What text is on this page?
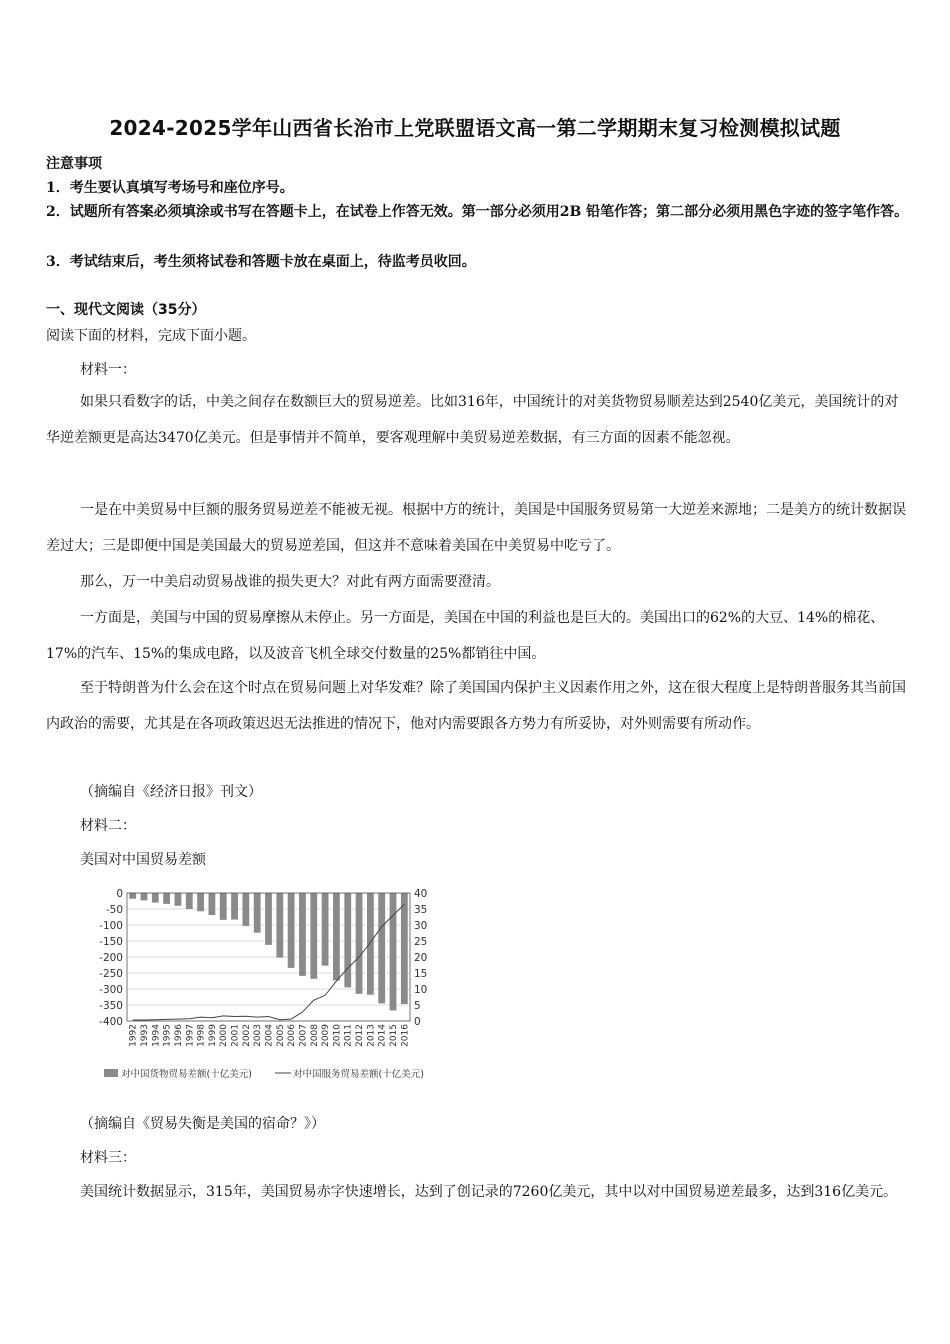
2024-2025学年山西省长治市上党联盟语文高一第二学期期末复习检测模拟试题
注意事项
1．考生要认真填写考场号和座位序号。
2．试题所有答案必须填涂或书写在答题卡上，在试卷上作答无效。第一部分必须用2B 铅笔作答；第二部分必须用黑色字迹的签字笔作答。
3．考试结束后，考生须将试卷和答题卡放在桌面上，待监考员收回。
一、现代文阅读（35分）
阅读下面的材料，完成下面小题。
材料一：

如果只看数字的话，中美之间存在数额巨大的贸易逆差。比如316年，中国统计的对美货物贸易顺差达到2540亿美元，美国统计的对华逆差额更是高达3470亿美元。但是事情并不简单，要客观理解中美贸易逆差数据，有三方面的因素不能忽视。

一是在中美贸易中巨额的服务贸易逆差不能被无视。根据中方的统计，美国是中国服务贸易第一大逆差来源地；二是美方的统计数据误差过大；三是即便中国是美国最大的贸易逆差国，但这并不意味着美国在中美贸易中吃亏了。

那么，万一中美启动贸易战谁的损失更大？对此有两方面需要澄清。

一方面是，美国与中国的贸易摩擦从未停止。另一方面是，美国在中国的利益也是巨大的。美国出口的62%的大豆、14%的棉花、17%的汽车、15%的集成电路，以及波音飞机全球交付数量的25%都销往中国。

至于特朗普为什么会在这个时点在贸易问题上对华发难？除了美国国内保护主义因素作用之外，这在很大程度上是特朗普服务其当前国内政治的需要，尤其是在各项政策迟迟无法推进的情况下，他对内需要跟各方势力有所妥协，对外则需要有所动作。

（摘编自《经济日报》刊文）
材料二：
美国对中国贸易差额
0
-50
-100
-150
-200
-250
-300
-350
-400
40
35
30
25
20
15
10
5
0
1992 1993 1994 1995 1996 1997 1998 1999 2000 2001 2002 2003 2004 2005 2006 2007 2008 2009 2010 2011 2012 2013 2014 2015 2016
对中国货物贸易差额(十亿美元)	对中国服务贸易差额(十亿美元)
（摘编自《贸易失衡是美国的宿命？》）
材料三：

美国统计数据显示，315年，美国贸易赤字快速增长，达到了创记录的7260亿美元，其中以对中国贸易逆差最多，达到316亿美元。
